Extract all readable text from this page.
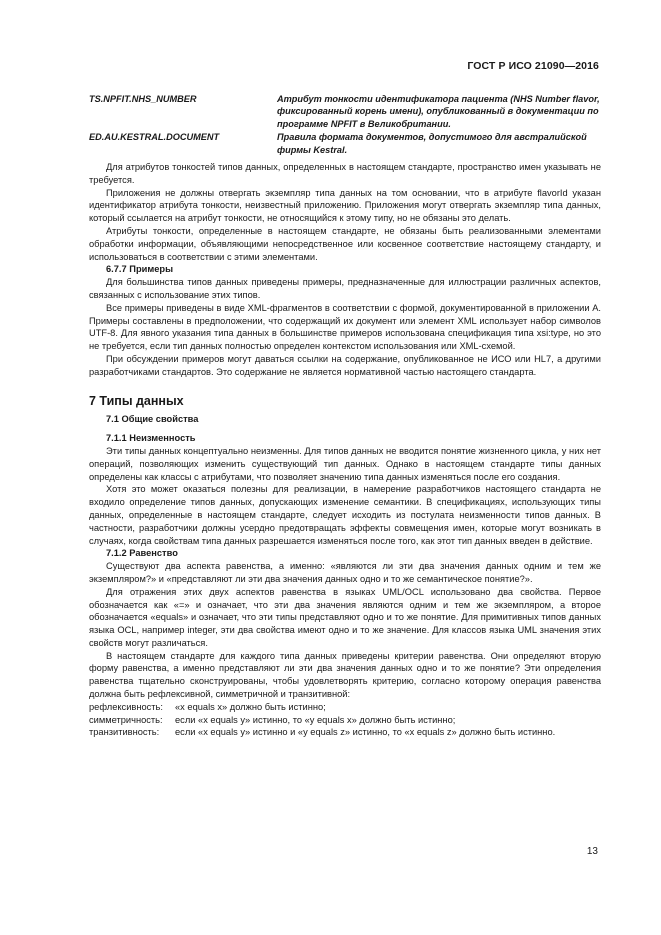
ГОСТ Р ИСО 21090—2016
TS.NPFIT.NHS_NUMBER	Атрибут тонкости идентификатора пациента (NHS Number flavor, фиксированный корень имени), опубликованный в документации по программе NPFIT в Великобритании.
ED.AU.KESTRAL.DOCUMENT	Правила формата документов, допустимого для австралийской фирмы Kestral.

Для атрибутов тонкостей типов данных, определенных в настоящем стандарте, пространство имен указывать не требуется.

Приложения не должны отвергать экземпляр типа данных на том основании, что в атрибуте flavorId указан идентификатор атрибута тонкости, неизвестный приложению. Приложения могут отвергать экземпляр типа данных, который ссылается на атрибут тонкости, не относящийся к этому типу, но не обязаны это делать.

Атрибуты тонкости, определенные в настоящем стандарте, не обязаны быть реализованными элементами обработки информации, объявляющими непосредственное или косвенное соответствие настоящему стандарту, и использоваться в соответствии с этими элементами.

6.7.7 Примеры

Для большинства типов данных приведены примеры, предназначенные для иллюстрации различных аспектов, связанных с использование этих типов.

Все примеры приведены в виде XML-фрагментов в соответствии с формой, документированной в приложении А. Примеры составлены в предположении, что содержащий их документ или элемент XML использует набор символов UTF-8. Для явного указания типа данных в большинстве примеров использована спецификация типа xsi:type, но это не требуется, если тип данных полностью определен контекстом использования или XML-схемой.

При обсуждении примеров могут даваться ссылки на содержание, опубликованное не ИСО или HL7, а другими разработчиками стандартов. Это содержание не является нормативной частью настоящего стандарта.

7 Типы данных

7.1 Общие свойства

7.1.1 Неизменность

Эти типы данных концептуально неизменны. Для типов данных не вводится понятие жизненного цикла, у них нет операций, позволяющих изменить существующий тип данных. Однако в настоящем стандарте типы данных определены как классы с атрибутами, что позволяет значению типа данных изменяться после его создания.

Хотя это может оказаться полезны для реализации, в намерение разработчиков настоящего стандарта не входило определение типов данных, допускающих изменение семантики. В спецификациях, использующих типы данных, определенные в настоящем стандарте, следует исходить из постулата неизменности типов данных. В частности, разработчики должны усердно предотвращать эффекты совмещения имен, которые могут возникать в случаях, когда свойствам типа данных разрешается изменяться после того, как этот тип данных введен в действие.

7.1.2 Равенство

Существуют два аспекта равенства, а именно: «являются ли эти два значения данных одним и тем же экземпляром?» и «представляют ли эти два значения данных одно и то же семантическое понятие?».

Для отражения этих двух аспектов равенства в языках UML/OCL использовано два свойства. Первое обозначается как «=» и означает, что эти два значения являются одним и тем же экземпляром, а второе обозначается «equals» и означает, что эти типы представляют одно и то же понятие. Для примитивных типов данных языка OCL, например integer, эти два свойства имеют одно и то же значение. Для классов языка UML значения этих свойств могут различаться.

В настоящем стандарте для каждого типа данных приведены критерии равенства. Они определяют вторую форму равенства, а именно представляют ли эти два значения данных одно и то же понятие? Эти определения равенства тщательно сконструированы, чтобы удовлетворять критерию, согласно которому операция равенства должна быть рефлексивной, симметричной и транзитивной:

рефлексивность:	«x equals x» должно быть истинно;
симметричность:	если «x equals y» истинно, то «y equals x» должно быть истинно;
транзитивность:	если «x equals y» истинно и «y equals z» истинно, то «x equals z» должно быть истинно.
13
